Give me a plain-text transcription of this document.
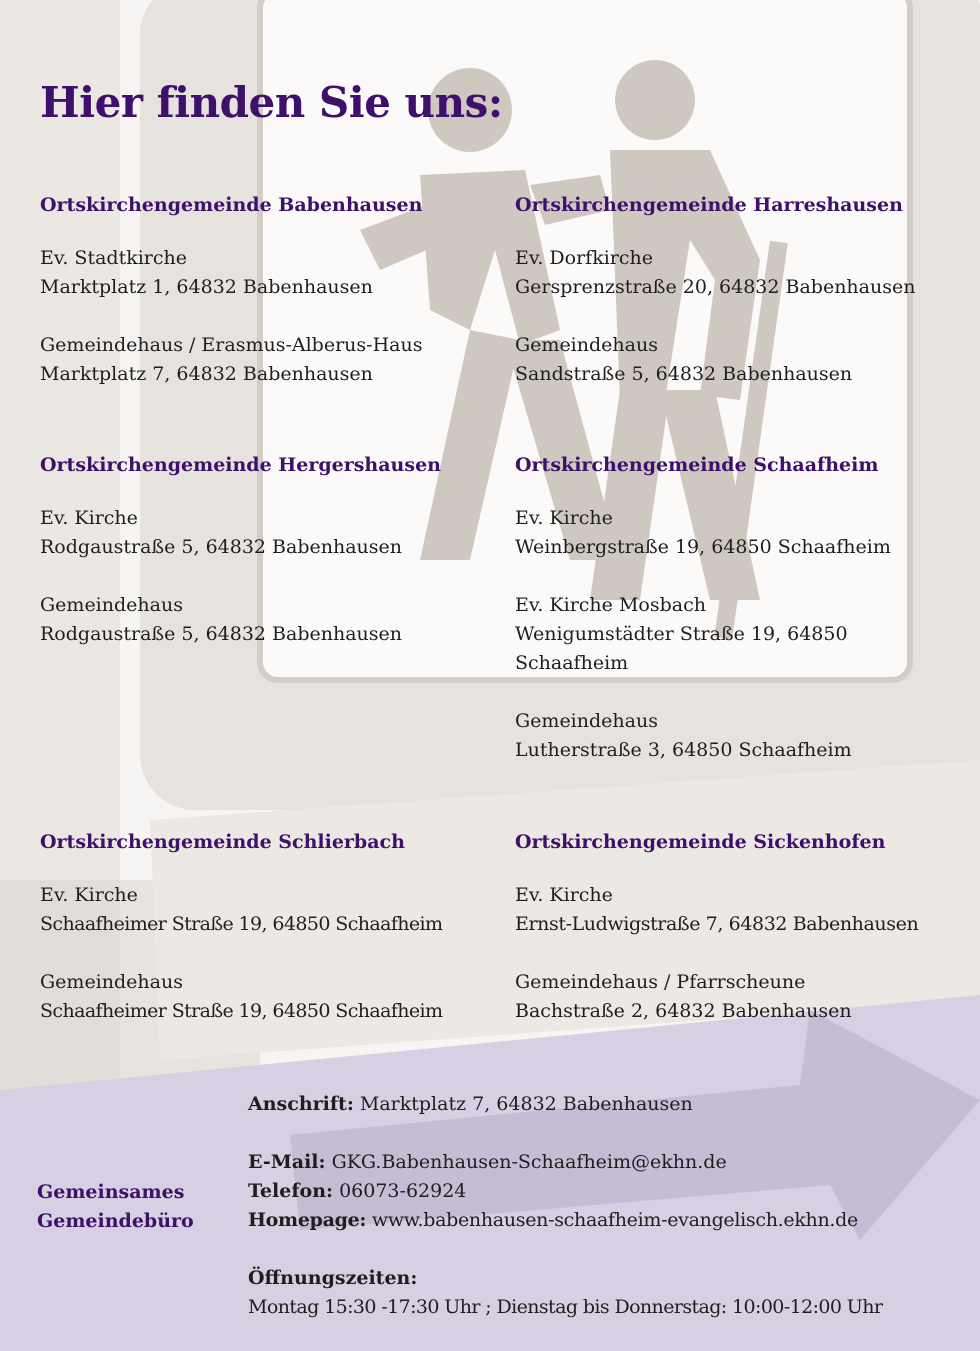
Hier finden Sie uns:
Ortskirchengemeinde Babenhausen
Ev. Stadtkirche
Marktplatz 1, 64832 Babenhausen
Gemeindehaus / Erasmus-Alberus-Haus
Marktplatz 7, 64832 Babenhausen
Ortskirchengemeinde Harreshausen
Ev. Dorfkirche
Gersprenzstraße 20, 64832 Babenhausen
Gemeindehaus
Sandstraße 5, 64832 Babenhausen
Ortskirchengemeinde Hergershausen
Ev. Kirche
Rodgaustraße 5, 64832 Babenhausen
Gemeindehaus
Rodgaustraße 5, 64832 Babenhausen
Ortskirchengemeinde Schaafheim
Ev. Kirche
Weinbergstraße 19, 64850 Schaafheim
Ev. Kirche Mosbach
Wenigumstädter Straße 19, 64850 Schaafheim
Gemeindehaus
Lutherstraße 3, 64850 Schaafheim
Ortskirchengemeinde Schlierbach
Ev. Kirche
Schaafheimer Straße 19, 64850 Schaafheim
Gemeindehaus
Schaafheimer Straße 19, 64850 Schaafheim
Ortskirchengemeinde Sickenhofen
Ev. Kirche
Ernst-Ludwigstraße 7, 64832 Babenhausen
Gemeindehaus / Pfarrscheune
Bachstraße 2, 64832 Babenhausen
Gemeinsames
Gemeindebüro
Anschrift: Marktplatz 7, 64832 Babenhausen
E-Mail: GKG.Babenhausen-Schaafheim@ekhn.de
Telefon: 06073-62924
Homepage: www.babenhausen-schaafheim-evangelisch.ekhn.de
Öffnungszeiten:
Montag 15:30 -17:30 Uhr ; Dienstag bis Donnerstag: 10:00-12:00 Uhr
